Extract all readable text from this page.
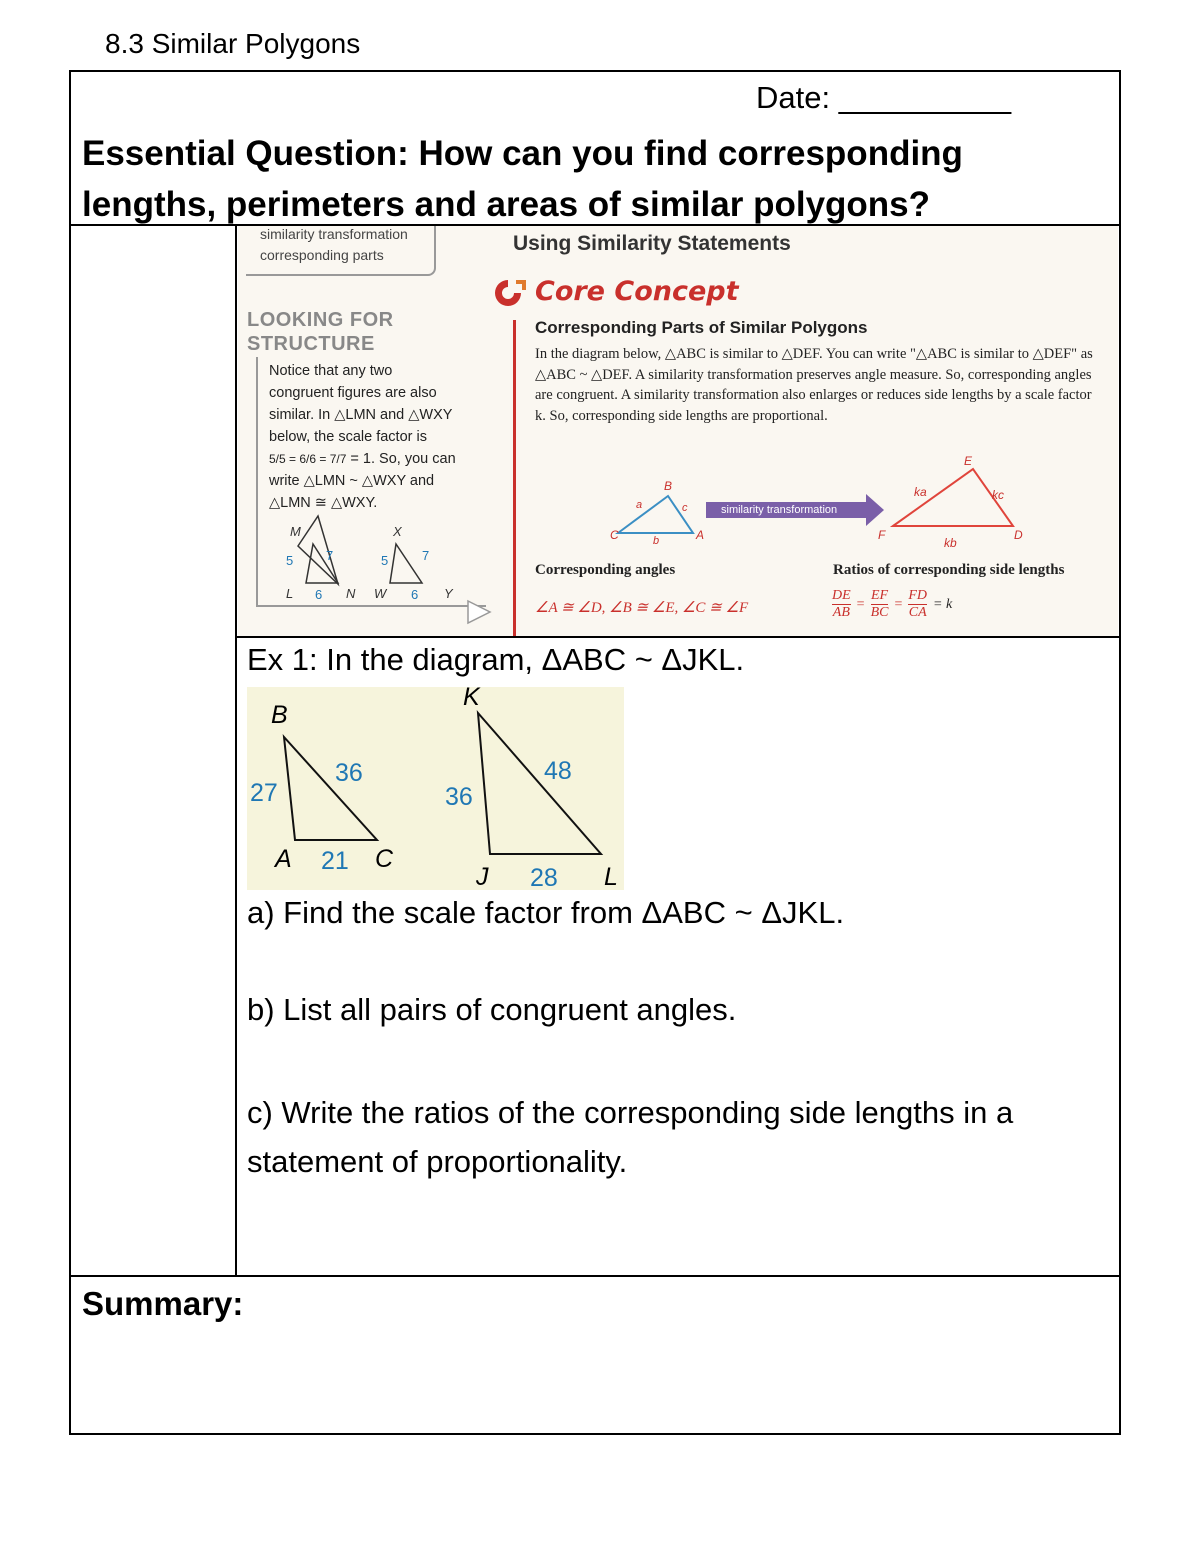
8.3 Similar Polygons
Date: __________
Essential Question: How can you find corresponding lengths, perimeters and areas of similar polygons?
similarity transformation
corresponding parts
LOOKING FOR
STRUCTURE
Notice that any two
congruent figures are also
similar. In △LMN and △WXY
below, the scale factor is
5/5 = 6/6 = 7/7 = 1. So, you can
write △LMN ~ △WXY and
△LMN ≅ △WXY.
M
L	N
5	7
6
X
W	Y
5	7
6
Using Similarity Statements
Core Concept
Corresponding Parts of Similar Polygons
In the diagram below, △ABC is similar to △DEF. You can write "△ABC is similar to △DEF" as △ABC ~ △DEF. A similarity transformation preserves angle measure. So, corresponding angles are congruent. A similarity transformation also enlarges or reduces side lengths by a scale factor k. So, corresponding side lengths are proportional.
B
C	A
a	c
b
similarity transformation
E
F	D
ka	kc
kb
Corresponding angles
∠A ≅ ∠D, ∠B ≅ ∠E, ∠C ≅ ∠F
Ratios of corresponding side lengths
$\frac{DE}{AB} = \frac{EF}{BC} = \frac{FD}{CA} = k$
Ex 1: In the diagram, ΔABC ~ ΔJKL.
B
A	C
27
36
21
K
J	L
36
48
28
a) Find the scale factor from ΔABC ~ ΔJKL.
b) List all pairs of congruent angles.
c) Write the ratios of the corresponding side lengths in a statement of proportionality.
Summary:
